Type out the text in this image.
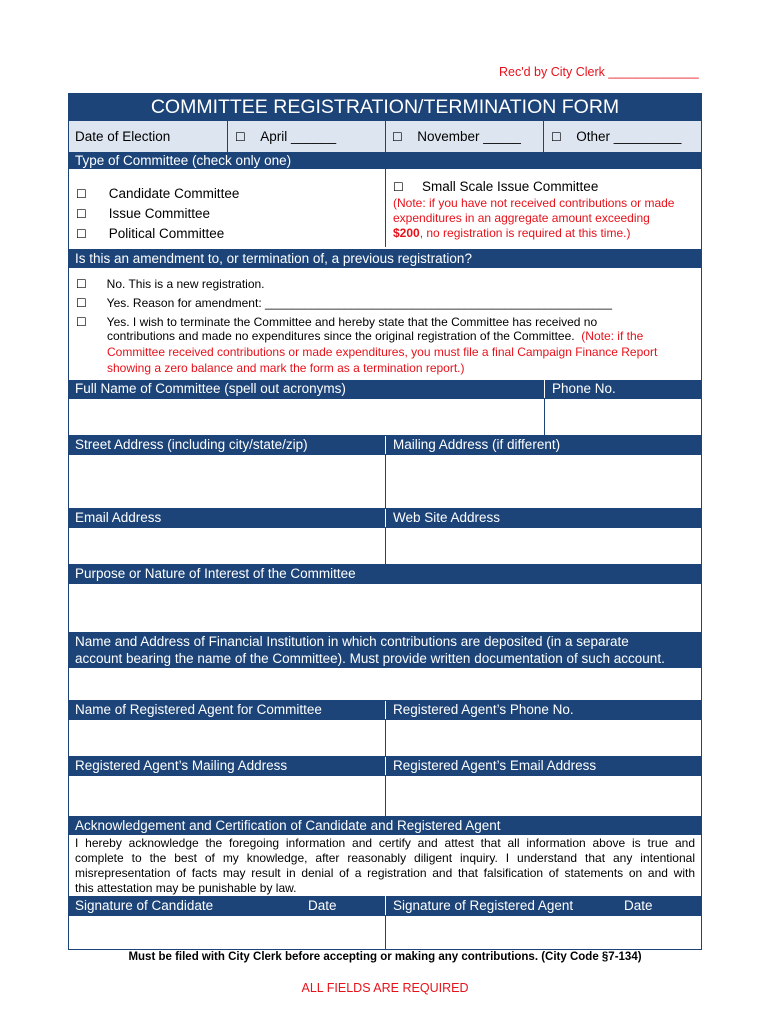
Rec'd by City Clerk _____________
COMMITTEE REGISTRATION/TERMINATION FORM
Date of Election	☐ April ______	☐ November _____	☐ Other _________
Type of Committee (check only one)
☐ Candidate Committee
☐ Issue Committee
☐ Political Committee
☐ Small Scale Issue Committee
(Note: if you have not received contributions or made
expenditures in an aggregate amount exceeding
$200, no registration is required at this time.)
Is this an amendment to, or termination of, a previous registration?
☐ No. This is a new registration.
☐ Yes. Reason for amendment: ____________________________________________________
☐ Yes. I wish to terminate the Committee and hereby state that the Committee has received no
contributions and made no expenditures since the original registration of the Committee. (Note: if the
Committee received contributions or made expenditures, you must file a final Campaign Finance Report
showing a zero balance and mark the form as a termination report.)
Full Name of Committee (spell out acronyms)	Phone No.
Street Address (including city/state/zip)	Mailing Address (if different)
Email Address	Web Site Address
Purpose or Nature of Interest of the Committee
Name and Address of Financial Institution in which contributions are deposited (in a separate
account bearing the name of the Committee). Must provide written documentation of such account.
Name of Registered Agent for Committee	Registered Agent’s Phone No.
Registered Agent’s Mailing Address	Registered Agent’s Email Address
Acknowledgement and Certification of Candidate and Registered Agent
I hereby acknowledge the foregoing information and certify and attest that all information above is true and
complete to the best of my knowledge, after reasonably diligent inquiry. I understand that any intentional
misrepresentation of facts may result in denial of a registration and that falsification of statements on and with
this attestation may be punishable by law.
Signature of Candidate	Date	Signature of Registered Agent	Date
Must be filed with City Clerk before accepting or making any contributions. (City Code §7-134)
ALL FIELDS ARE REQUIRED
